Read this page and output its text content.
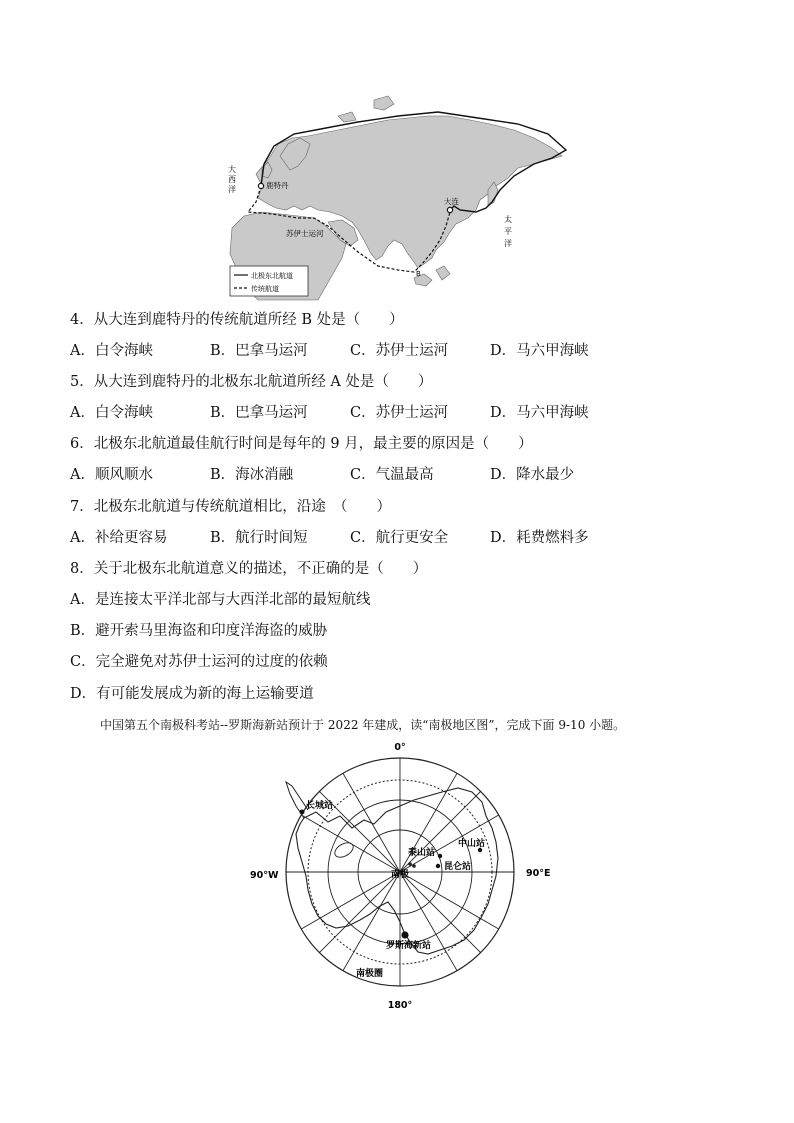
大西洋	鹿特丹
大连
苏伊士运河
B
太平洋
北极东北航道
传统航道
4．从大连到鹿特丹的传统航道所经 B 处是（　　）
A．白令海峡	B．巴拿马运河	C．苏伊士运河	D．马六甲海峡
5．从大连到鹿特丹的北极东北航道所经 A 处是（　　）
A．白令海峡	B．巴拿马运河	C．苏伊士运河	D．马六甲海峡
6．北极东北航道最佳航行时间是每年的 9 月，最主要的原因是（　　）
A．顺风顺水	B．海冰消融	C．气温最高	D．降水最少
7．北极东北航道与传统航道相比，沿途　（　　）
A．补给更容易	B．航行时间短	C．航行更安全	D．耗费燃料多
8．关于北极东北航道意义的描述，不正确的是（　　）
A．是连接太平洋北部与大西洋北部的最短航线
B．避开索马里海盗和印度洋海盗的威胁
C．完全避免对苏伊士运河的过度的依赖
D．有可能发展成为新的海上运输要道
中国第五个南极科考站--罗斯海新站预计于 2022 年建成，读“南极地区图”，完成下面 9-10 小题。
0°
180°
90°W	90°E
南极
长城站
中山站
泰山站
昆仑站
罗斯海新站
南极圈
